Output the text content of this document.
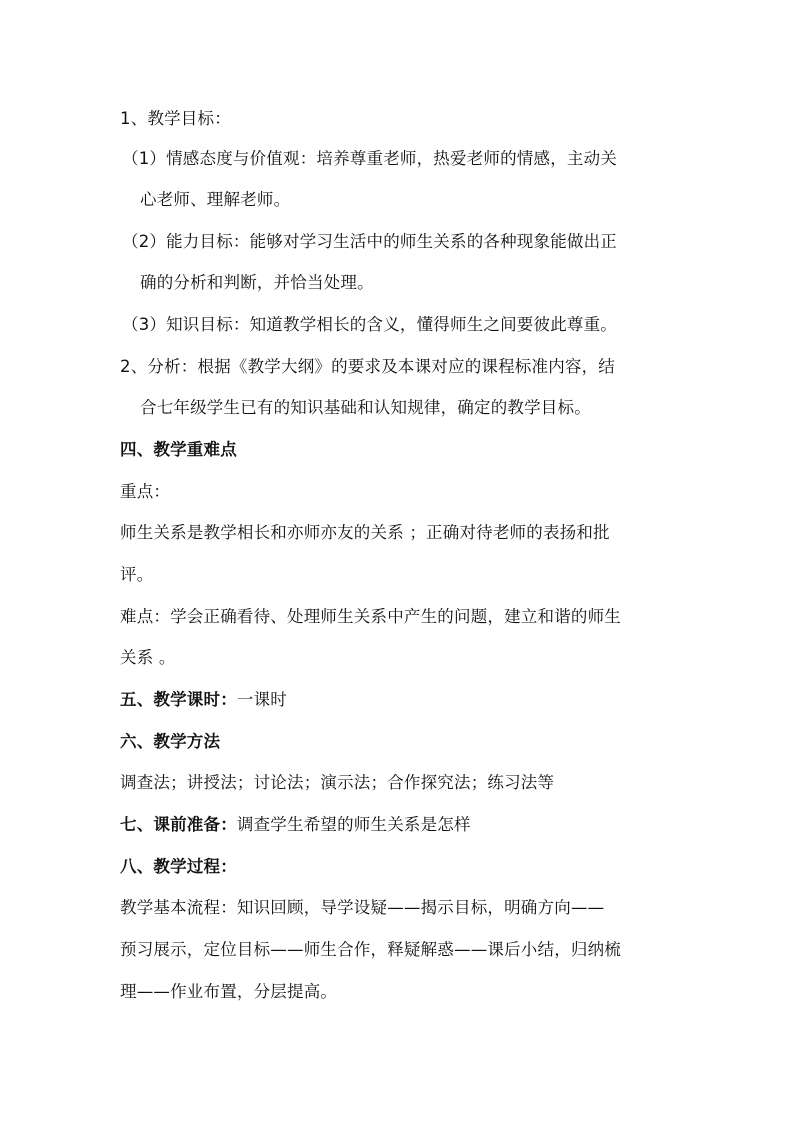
1、教学目标：
（1）情感态度与价值观：培养尊重老师，热爱老师的情感，主动关
心老师、理解老师。
（2）能力目标：能够对学习生活中的师生关系的各种现象能做出正
确的分析和判断，并恰当处理。
（3）知识目标：知道教学相长的含义，懂得师生之间要彼此尊重。
2、分析：根据《教学大纲》的要求及本课对应的课程标准内容，结
合七年级学生已有的知识基础和认知规律，确定的教学目标。
四、教学重难点
重点：
师生关系是教学相长和亦师亦友的关系 ；正确对待老师的表扬和批
评。
难点：学会正确看待、处理师生关系中产生的问题，建立和谐的师生
关系 。
五、教学课时：一课时
六、教学方法
调查法；讲授法；讨论法；演示法；合作探究法；练习法等
七、课前准备：调查学生希望的师生关系是怎样
八、教学过程：
教学基本流程：知识回顾，导学设疑——揭示目标，明确方向——
预习展示，定位目标——师生合作，释疑解惑——课后小结，归纳梳
理——作业布置，分层提高。
